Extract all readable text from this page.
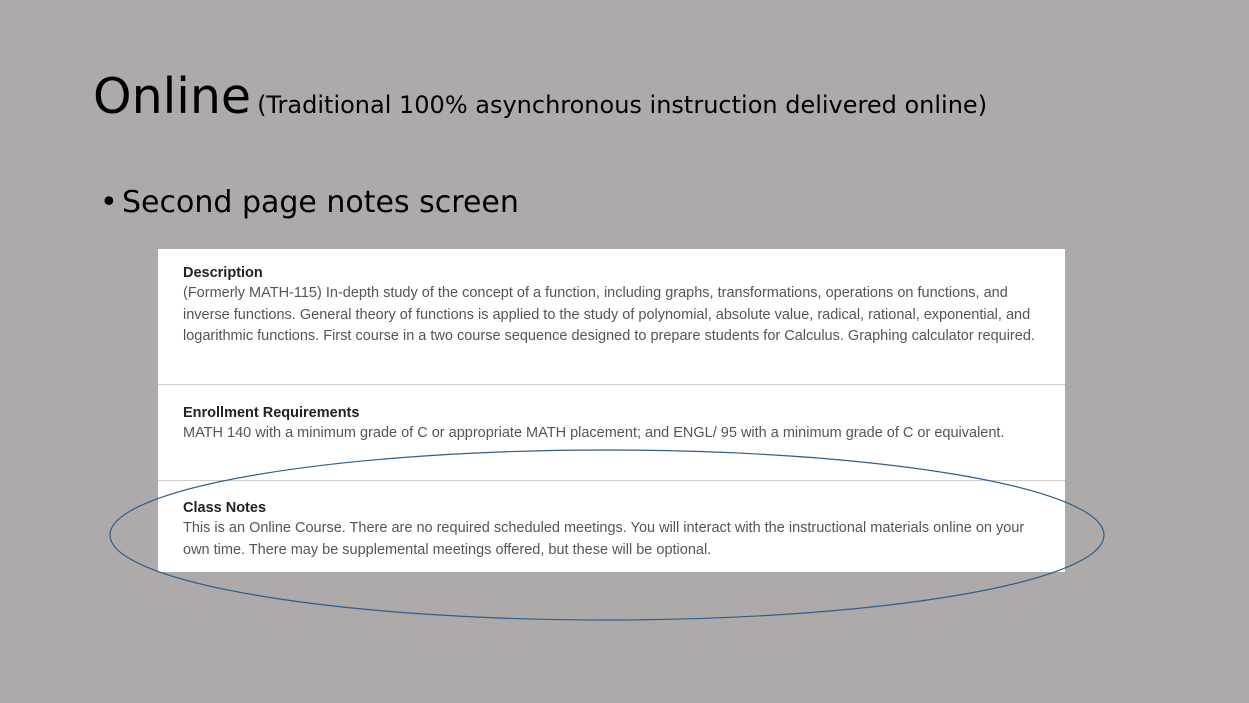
Online (Traditional 100% asynchronous instruction delivered online)
• Second page notes screen
Description
(Formerly MATH-115) In-depth study of the concept of a function, including graphs, transformations, operations on functions, and inverse functions. General theory of functions is applied to the study of polynomial, absolute value, radical, rational, exponential, and logarithmic functions. First course in a two course sequence designed to prepare students for Calculus. Graphing calculator required.
Enrollment Requirements
MATH 140 with a minimum grade of C or appropriate MATH placement; and ENGL/ 95 with a minimum grade of C or equivalent.
Class Notes
This is an Online Course. There are no required scheduled meetings. You will interact with the instructional materials online on your own time. There may be supplemental meetings offered, but these will be optional.
